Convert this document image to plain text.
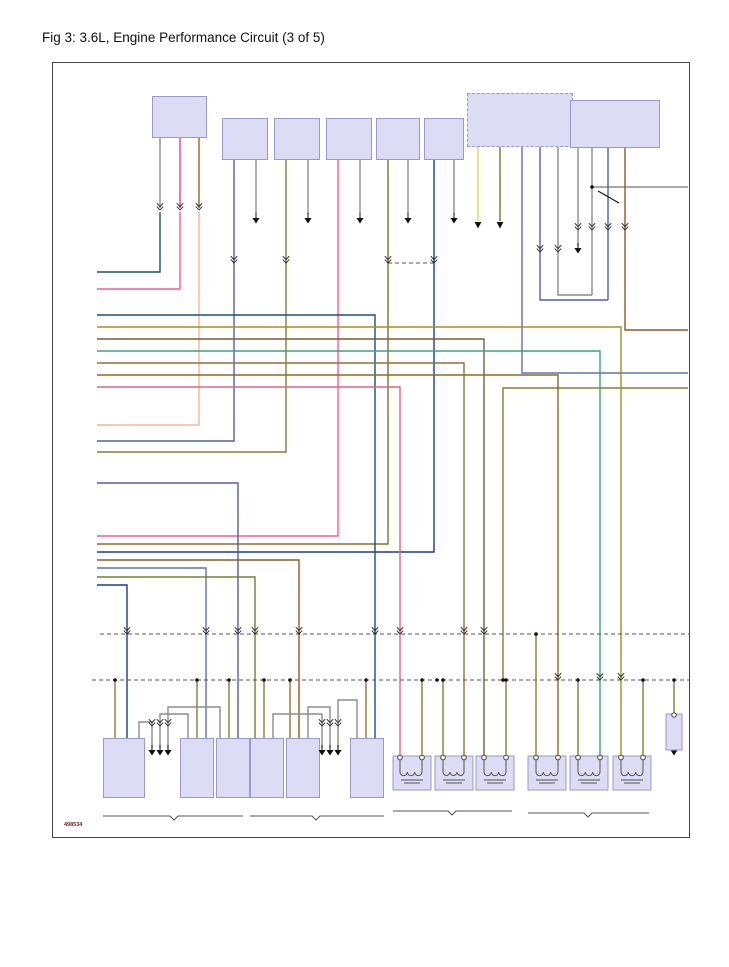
Fig 3: 3.6L, Engine Performance Circuit (3 of 5)
498534
